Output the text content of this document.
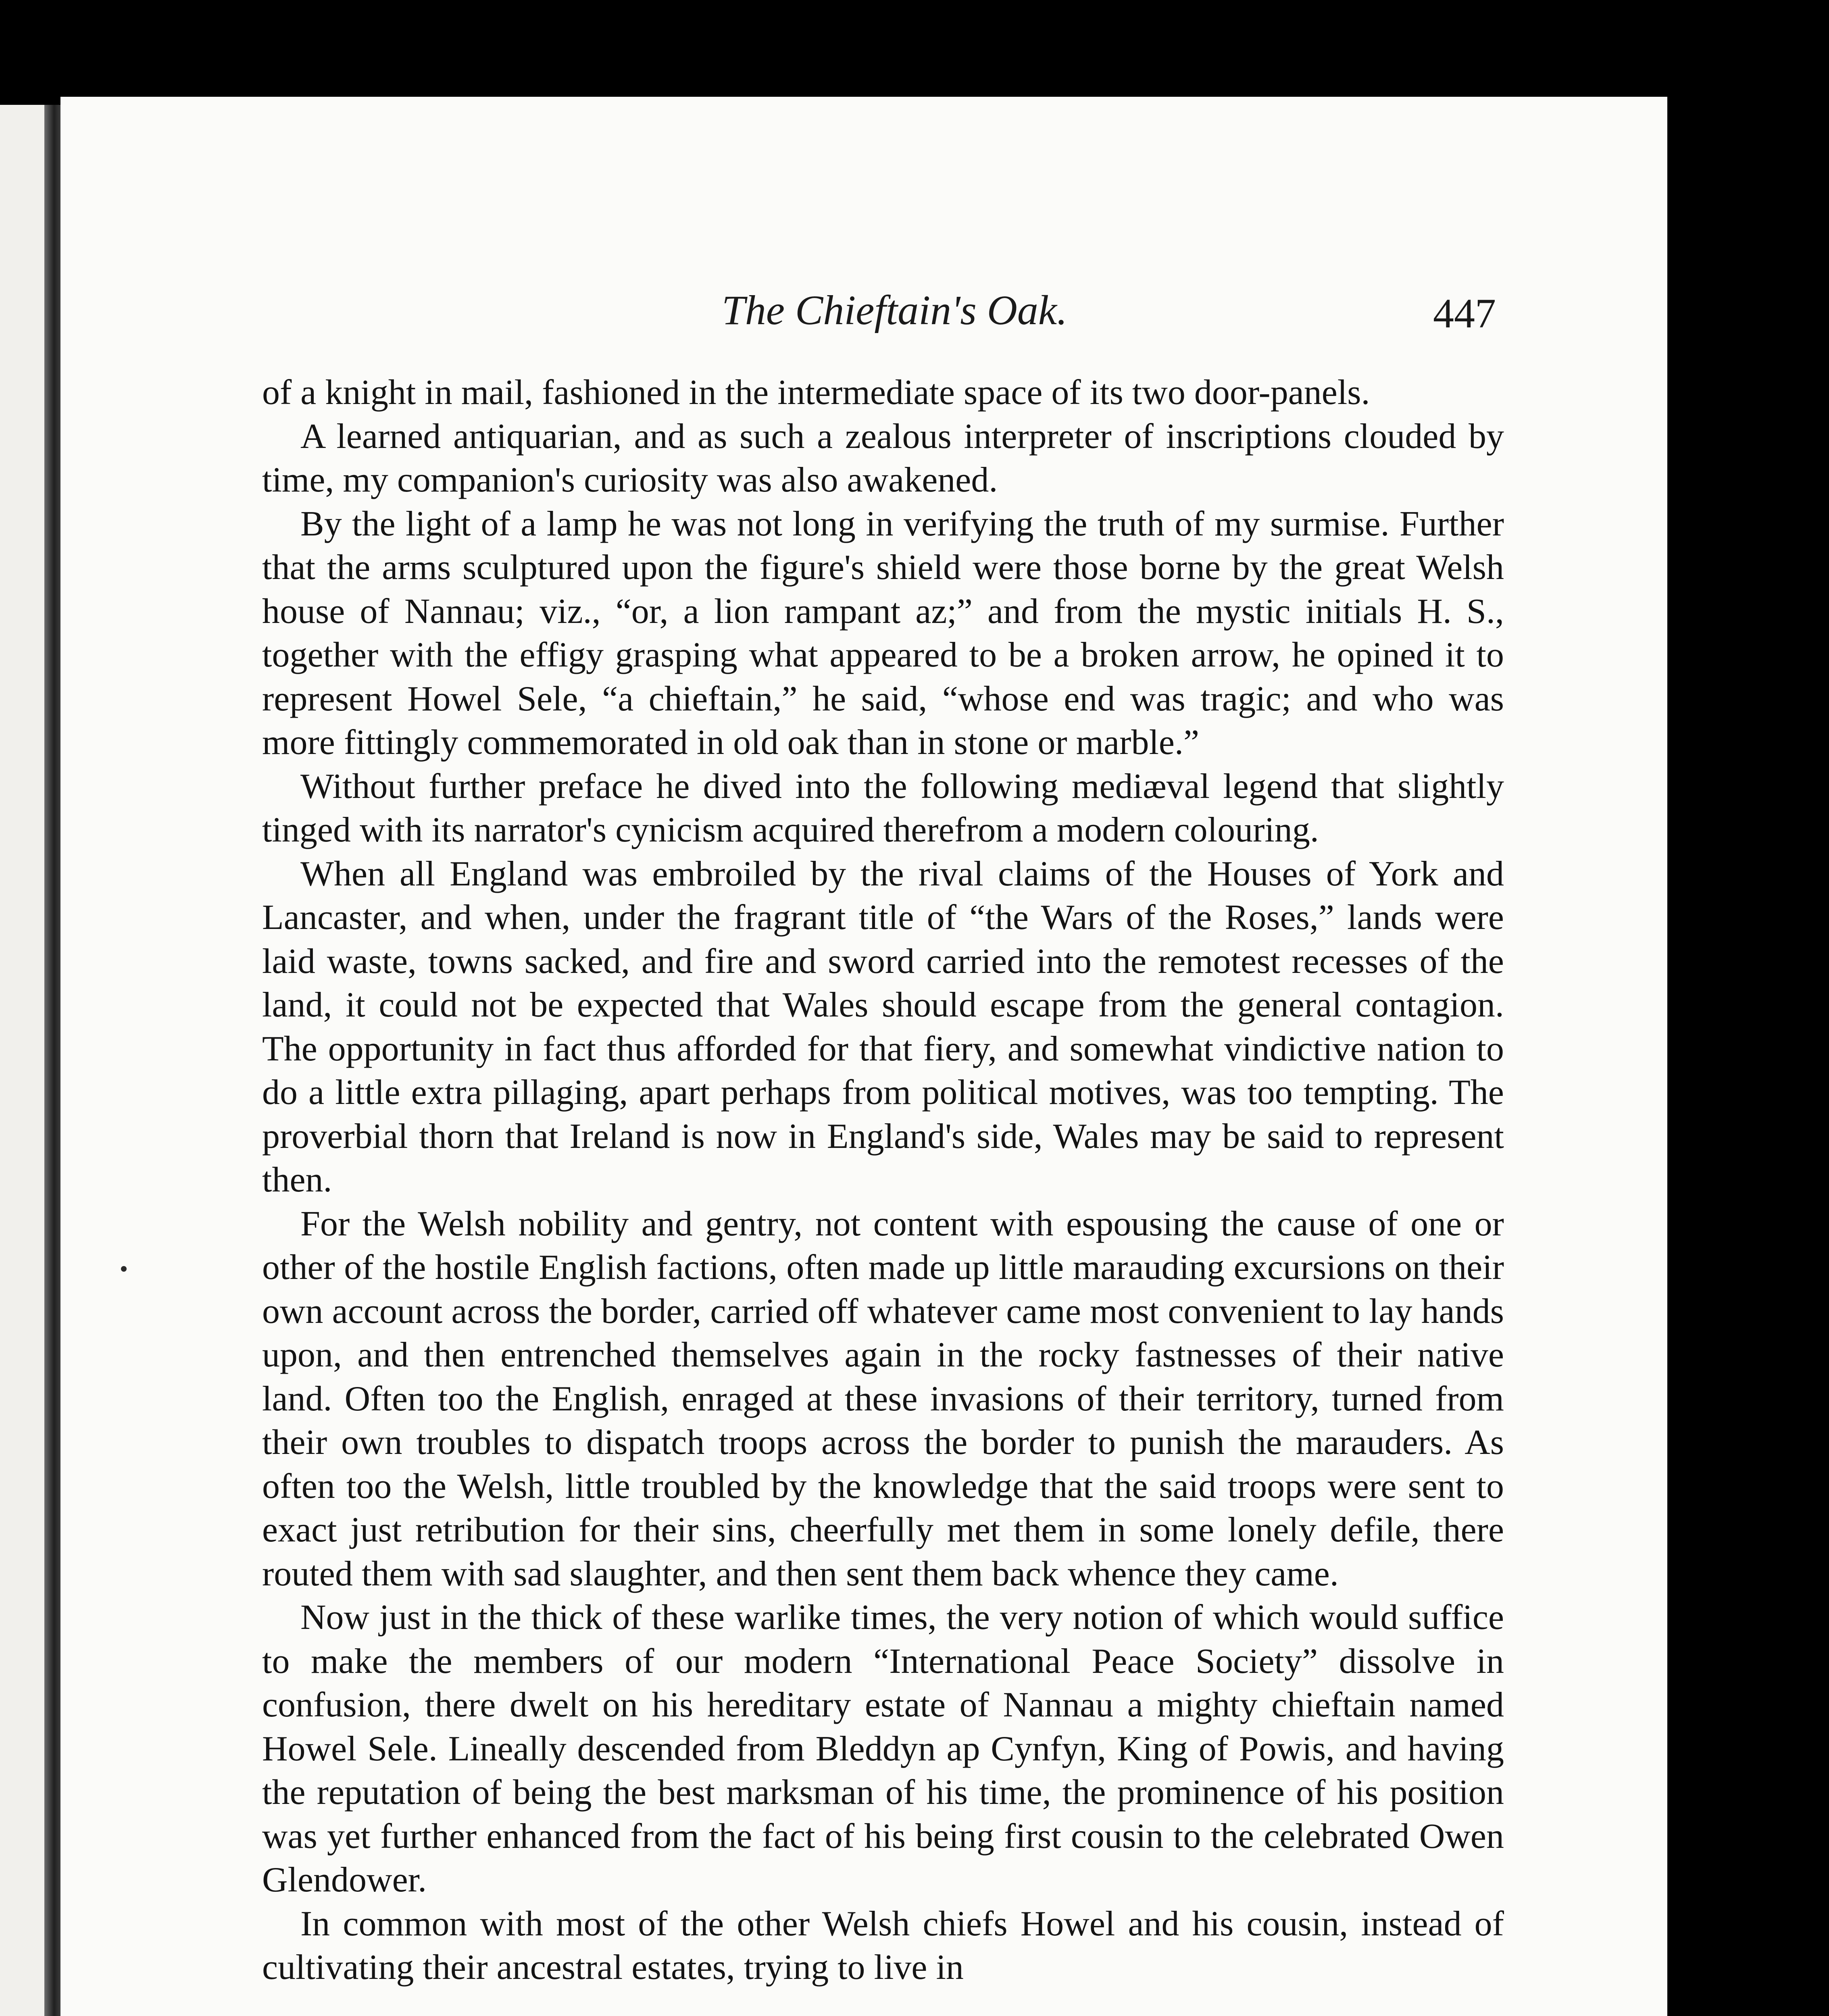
The Chieftain's Oak.	447

of a knight in mail, fashioned in the intermediate space of its two door-panels.

A learned antiquarian, and as such a zealous interpreter of inscriptions clouded by time, my companion's curiosity was also awakened.

By the light of a lamp he was not long in verifying the truth of my surmise. Further that the arms sculptured upon the figure's shield were those borne by the great Welsh house of Nannau; viz., “or, a lion rampant az;” and from the mystic initials H. S., together with the effigy grasping what appeared to be a broken arrow, he opined it to represent Howel Sele, “a chieftain,” he said, “whose end was tragic; and who was more fittingly commemorated in old oak than in stone or marble.”

Without further preface he dived into the following mediæval legend that slightly tinged with its narrator's cynicism acquired therefrom a modern colouring.

When all England was embroiled by the rival claims of the Houses of York and Lancaster, and when, under the fragrant title of “the Wars of the Roses,” lands were laid waste, towns sacked, and fire and sword carried into the remotest recesses of the land, it could not be expected that Wales should escape from the general contagion. The opportunity in fact thus afforded for that fiery, and somewhat vindictive nation to do a little extra pillaging, apart perhaps from political motives, was too tempting. The proverbial thorn that Ireland is now in England's side, Wales may be said to represent then.

For the Welsh nobility and gentry, not content with espousing the cause of one or other of the hostile English factions, often made up little marauding excursions on their own account across the border, carried off whatever came most convenient to lay hands upon, and then entrenched themselves again in the rocky fastnesses of their native land. Often too the English, enraged at these invasions of their territory, turned from their own troubles to dispatch troops across the border to punish the marauders. As often too the Welsh, little troubled by the knowledge that the said troops were sent to exact just retribution for their sins, cheerfully met them in some lonely defile, there routed them with sad slaughter, and then sent them back whence they came.

Now just in the thick of these warlike times, the very notion of which would suffice to make the members of our modern “International Peace Society” dissolve in confusion, there dwelt on his hereditary estate of Nannau a mighty chieftain named Howel Sele. Lineally descended from Bleddyn ap Cynfyn, King of Powis, and having the reputation of being the best marksman of his time, the prominence of his position was yet further enhanced from the fact of his being first cousin to the celebrated Owen Glendower.

In common with most of the other Welsh chiefs Howel and his cousin, instead of cultivating their ancestral estates, trying to live in
